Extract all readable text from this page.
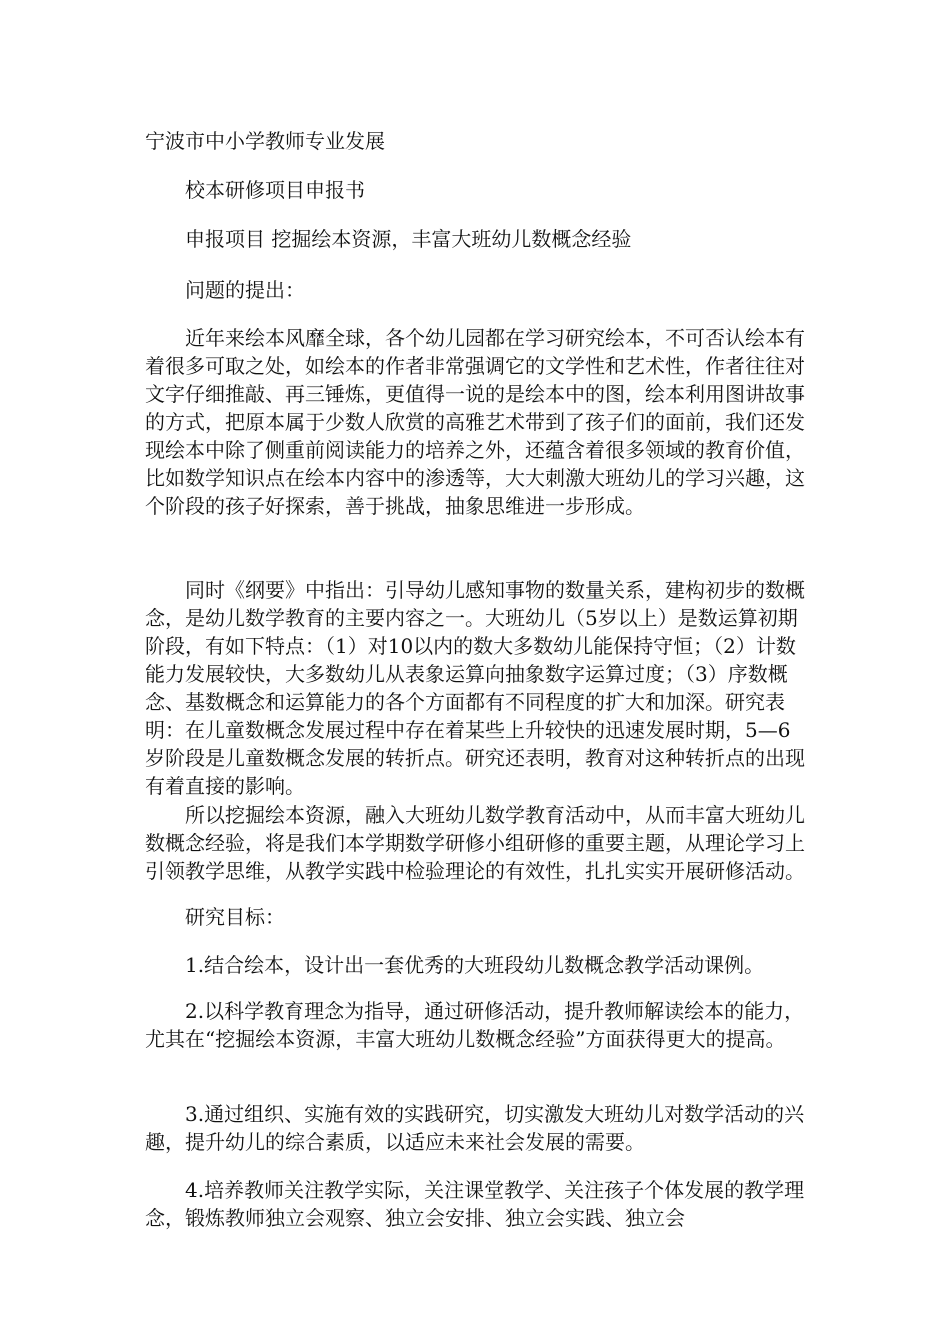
宁波市中小学教师专业发展
校本研修项目申报书
申报项目 挖掘绘本资源，丰富大班幼儿数概念经验
问题的提出：
近年来绘本风靡全球，各个幼儿园都在学习研究绘本，不可否认绘本有着很多可取之处，如绘本的作者非常强调它的文学性和艺术性，作者往往对文字仔细推敲、再三锤炼，更值得一说的是绘本中的图，绘本利用图讲故事的方式，把原本属于少数人欣赏的高雅艺术带到了孩子们的面前，我们还发现绘本中除了侧重前阅读能力的培养之外，还蕴含着很多领域的教育价值，比如数学知识点在绘本内容中的渗透等，大大刺激大班幼儿的学习兴趣，这个阶段的孩子好探索，善于挑战，抽象思维进一步形成。
同时《纲要》中指出：引导幼儿感知事物的数量关系，建构初步的数概念，是幼儿数学教育的主要内容之一。大班幼儿（5岁以上）是数运算初期阶段，有如下特点：（1）对10以内的数大多数幼儿能保持守恒；（2）计数能力发展较快，大多数幼儿从表象运算向抽象数字运算过度；（3）序数概念、基数概念和运算能力的各个方面都有不同程度的扩大和加深。研究表明：在儿童数概念发展过程中存在着某些上升较快的迅速发展时期，5—6岁阶段是儿童数概念发展的转折点。研究还表明，教育对这种转折点的出现有着直接的影响。
所以挖掘绘本资源，融入大班幼儿数学教育活动中，从而丰富大班幼儿数概念经验，将是我们本学期数学研修小组研修的重要主题，从理论学习上引领教学思维，从教学实践中检验理论的有效性，扎扎实实开展研修活动。
研究目标：
1.结合绘本，设计出一套优秀的大班段幼儿数概念教学活动课例。
2.以科学教育理念为指导，通过研修活动，提升教师解读绘本的能力，尤其在“挖掘绘本资源，丰富大班幼儿数概念经验”方面获得更大的提高。
3.通过组织、实施有效的实践研究，切实激发大班幼儿对数学活动的兴趣，提升幼儿的综合素质，以适应未来社会发展的需要。
4.培养教师关注教学实际，关注课堂教学、关注孩子个体发展的教学理念，锻炼教师独立会观察、独立会安排、独立会实践、独立会
